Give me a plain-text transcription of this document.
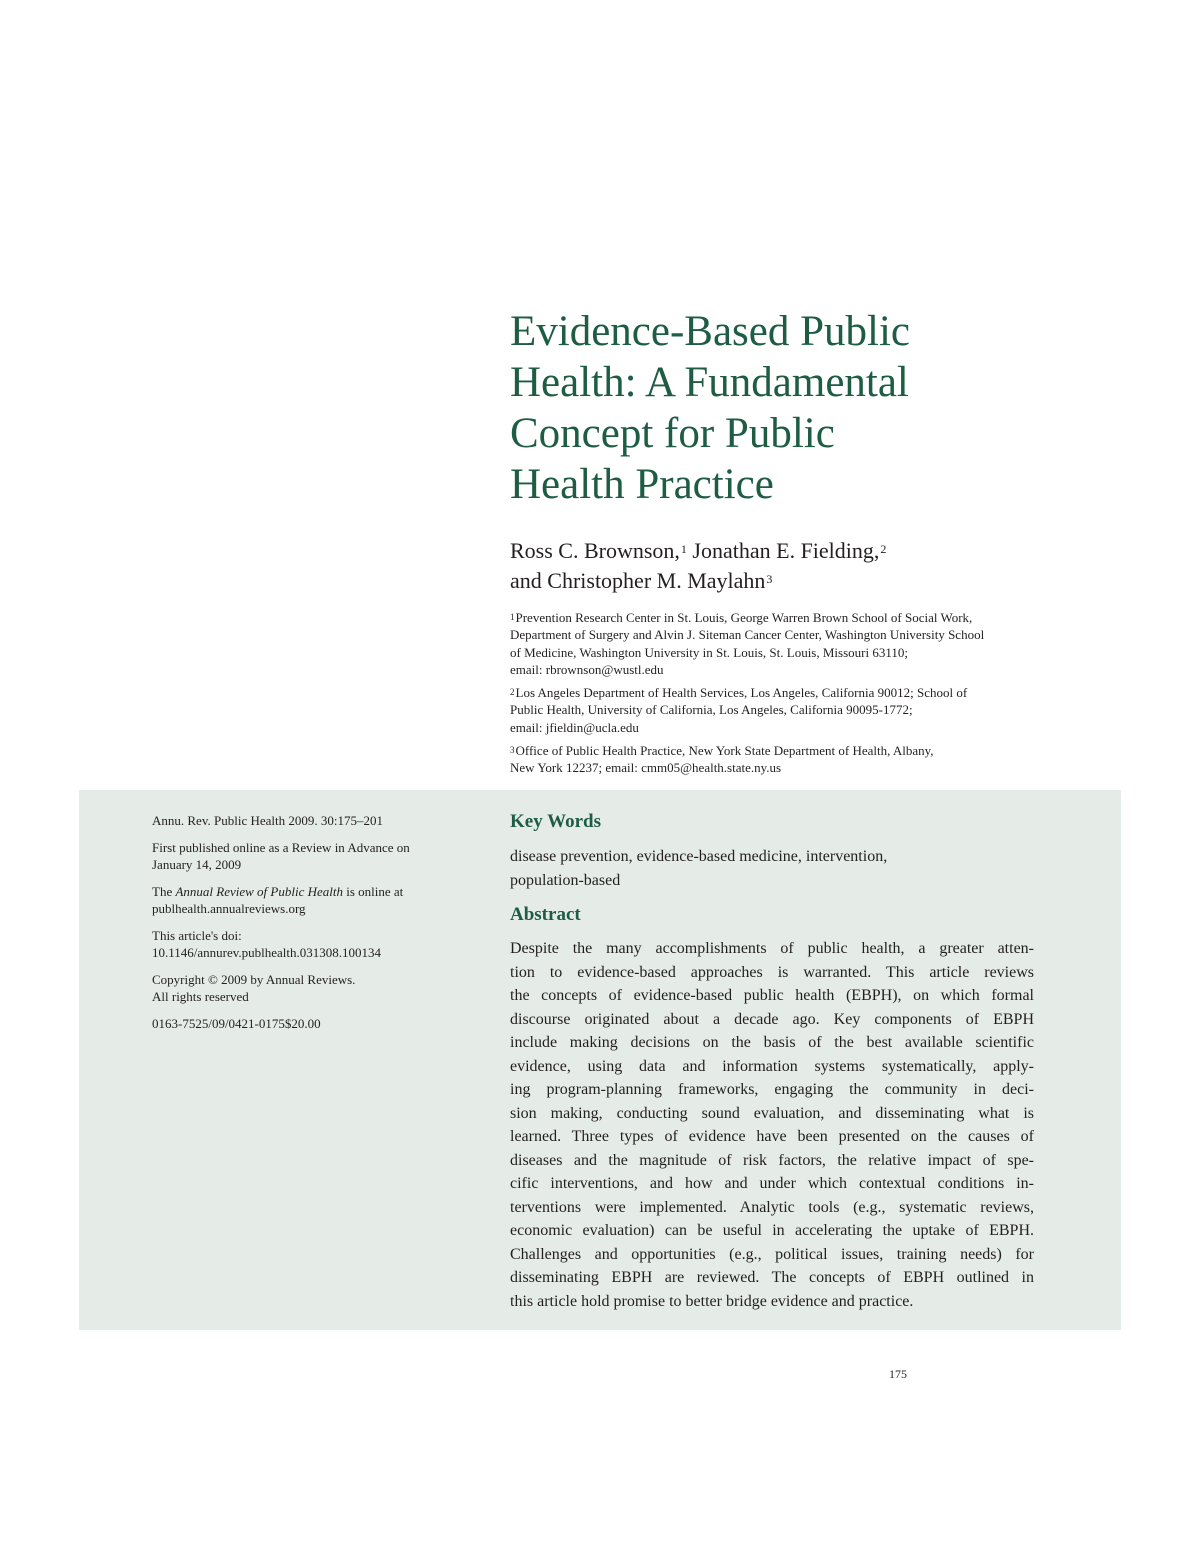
Evidence-Based Public
Health: A Fundamental
Concept for Public
Health Practice
Ross C. Brownson,$^1$ Jonathan E. Fielding,$^2$
and Christopher M. Maylahn$^3$

$^1$Prevention Research Center in St. Louis, George Warren Brown School of Social Work,
Department of Surgery and Alvin J. Siteman Cancer Center, Washington University School
of Medicine, Washington University in St. Louis, St. Louis, Missouri 63110;
email: rbrownson@wustl.edu

$^2$Los Angeles Department of Health Services, Los Angeles, California 90012; School of
Public Health, University of California, Los Angeles, California 90095-1772;
email: jfieldin@ucla.edu

$^3$Office of Public Health Practice, New York State Department of Health, Albany,
New York 12237; email: cmm05@health.state.ny.us

Annu. Rev. Public Health 2009. 30:175–201

First published online as a Review in Advance on
January 14, 2009

The Annual Review of Public Health is online at
publhealth.annualreviews.org

This article's doi:
10.1146/annurev.publhealth.031308.100134

Copyright © 2009 by Annual Reviews.
All rights reserved

0163-7525/09/0421-0175$20.00

Key Words
disease prevention, evidence-based medicine, intervention,
population-based
Abstract
Despite the many accomplishments of public health, a greater atten-
tion to evidence-based approaches is warranted. This article reviews
the concepts of evidence-based public health (EBPH), on which formal
discourse originated about a decade ago. Key components of EBPH
include making decisions on the basis of the best available scientific
evidence, using data and information systems systematically, apply-
ing program-planning frameworks, engaging the community in deci-
sion making, conducting sound evaluation, and disseminating what is
learned. Three types of evidence have been presented on the causes of
diseases and the magnitude of risk factors, the relative impact of spe-
cific interventions, and how and under which contextual conditions in-
terventions were implemented. Analytic tools (e.g., systematic reviews,
economic evaluation) can be useful in accelerating the uptake of EBPH.
Challenges and opportunities (e.g., political issues, training needs) for
disseminating EBPH are reviewed. The concepts of EBPH outlined in
this article hold promise to better bridge evidence and practice.
175
